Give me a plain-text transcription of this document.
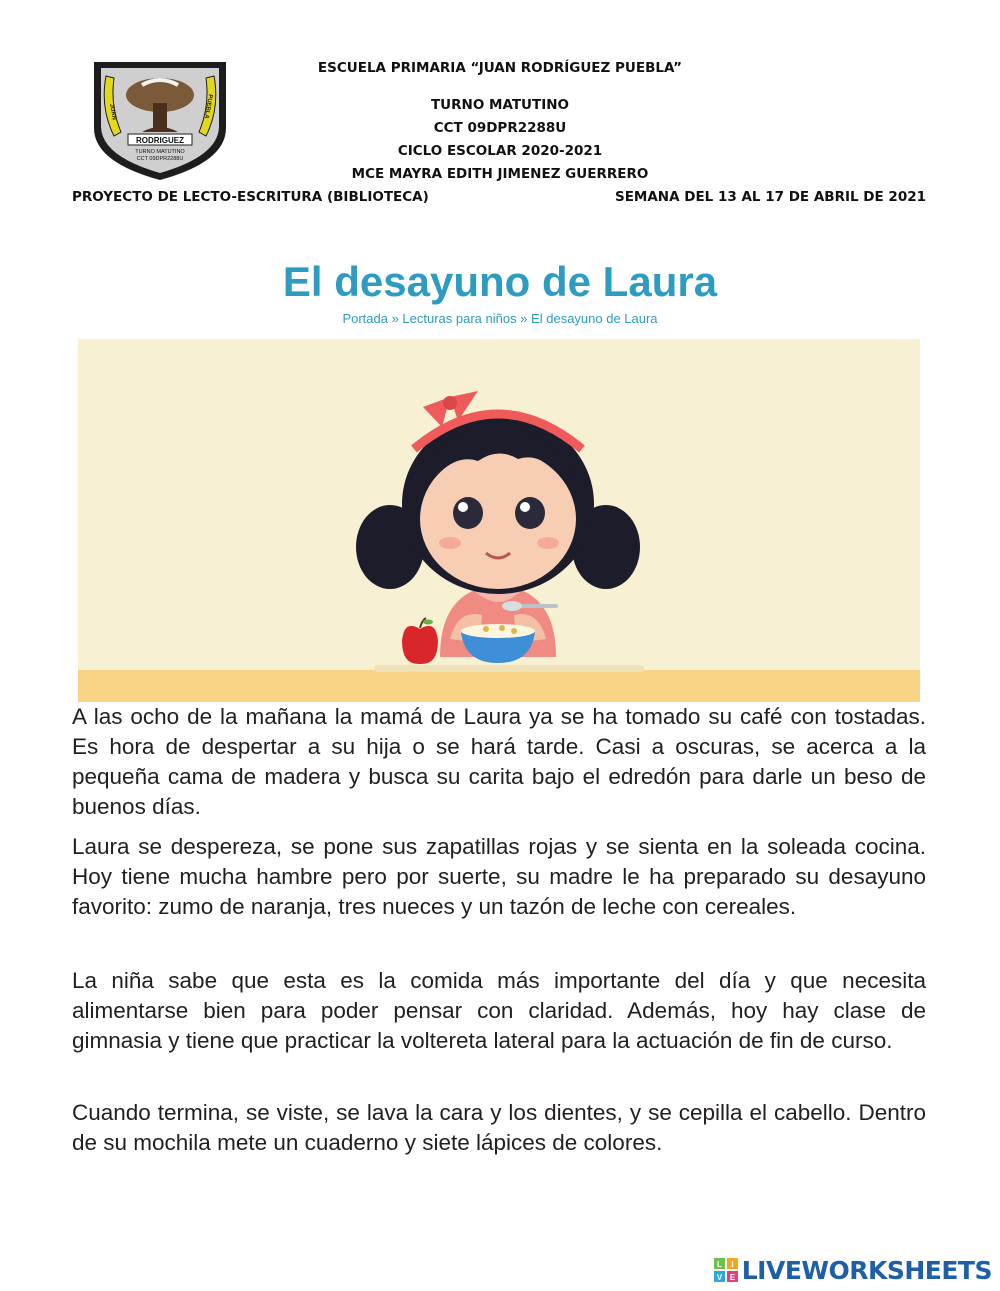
ESCUELA PRIMARIA “JUAN RODRÍGUEZ PUEBLA”
TURNO MATUTINO
CCT 09DPR2288U
CICLO ESCOLAR 2020-2021
MCE MAYRA EDITH JIMENEZ GUERRERO
PROYECTO DE LECTO-ESCRITURA (BIBLIOTECA)	SEMANA DEL 13 AL 17 DE ABRIL DE 2021
JUAN	PUEBLA
RODRIGUEZ
TURNO MATUTINO
CCT 09DPR2288U
El desayuno de Laura
Portada » Lecturas para niños » El desayuno de Laura

A las ocho de la mañana la mamá de Laura ya se ha tomado su café con tostadas. Es hora de despertar a su hija o se hará tarde. Casi a oscuras, se acerca a la pequeña cama de madera y busca su carita bajo el edredón para darle un beso de buenos días.

Laura se despereza, se pone sus zapatillas rojas y se sienta en la soleada cocina. Hoy tiene mucha hambre pero por suerte, su madre le ha preparado su desayuno favorito: zumo de naranja, tres nueces y un tazón de leche con cereales.

La niña sabe que esta es la comida más importante del día y que necesita alimentarse bien para poder pensar con claridad. Además, hoy hay clase de gimnasia y tiene que practicar la voltereta lateral para la actuación de fin de curso.

Cuando termina, se viste, se lava la cara y los dientes, y se cepilla el cabello. Dentro de su mochila mete un cuaderno y siete lápices de colores.

L I
V E LIVEWORKSHEETS
